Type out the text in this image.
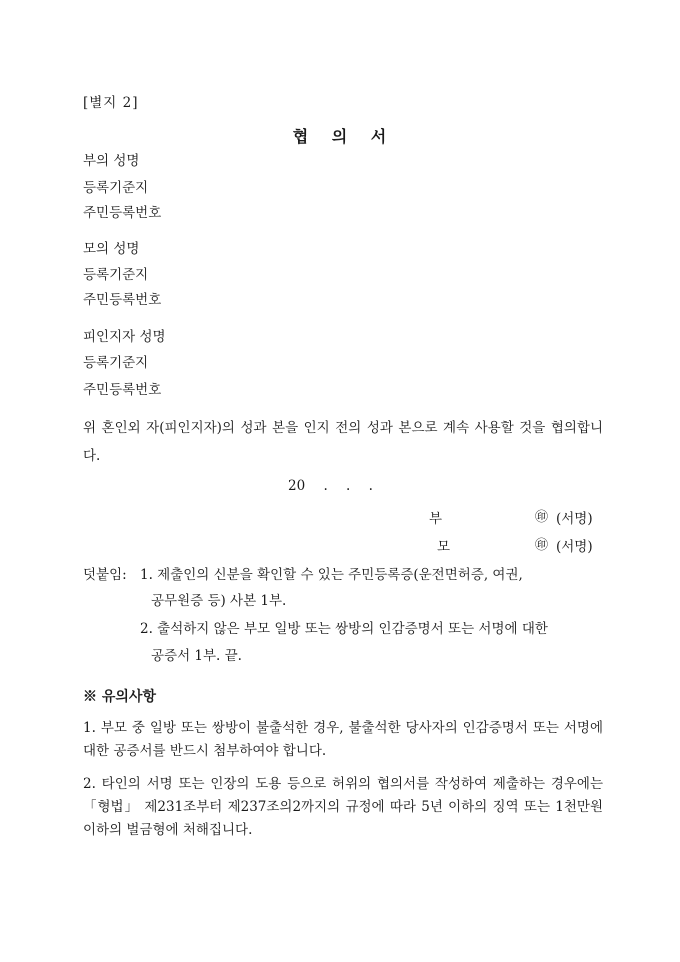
[별지 2]
협 의 서
부의 성명
등록기준지
주민등록번호
모의 성명
등록기준지
주민등록번호
피인지자 성명
등록기준지
주민등록번호
위 혼인외 자(피인지자)의 성과 본을 인지 전의 성과 본으로 계속 사용할 것을 협의합니다.
20 . . .
부	㊞ (서명)
모	㊞ (서명)
덧붙임: 1. 제출인의 신분을 확인할 수 있는 주민등록증(운전면허증, 여권,
공무원증 등) 사본 1부.
2. 출석하지 않은 부모 일방 또는 쌍방의 인감증명서 또는 서명에 대한
공증서 1부. 끝.
※ 유의사항
1. 부모 중 일방 또는 쌍방이 불출석한 경우, 불출석한 당사자의 인감증명서 또는 서명에 대한 공증서를 반드시 첨부하여야 합니다.
2. 타인의 서명 또는 인장의 도용 등으로 허위의 협의서를 작성하여 제출하는 경우에는 「형법」 제231조부터 제237조의2까지의 규정에 따라 5년 이하의 징역 또는 1천만원 이하의 벌금형에 처해집니다.
